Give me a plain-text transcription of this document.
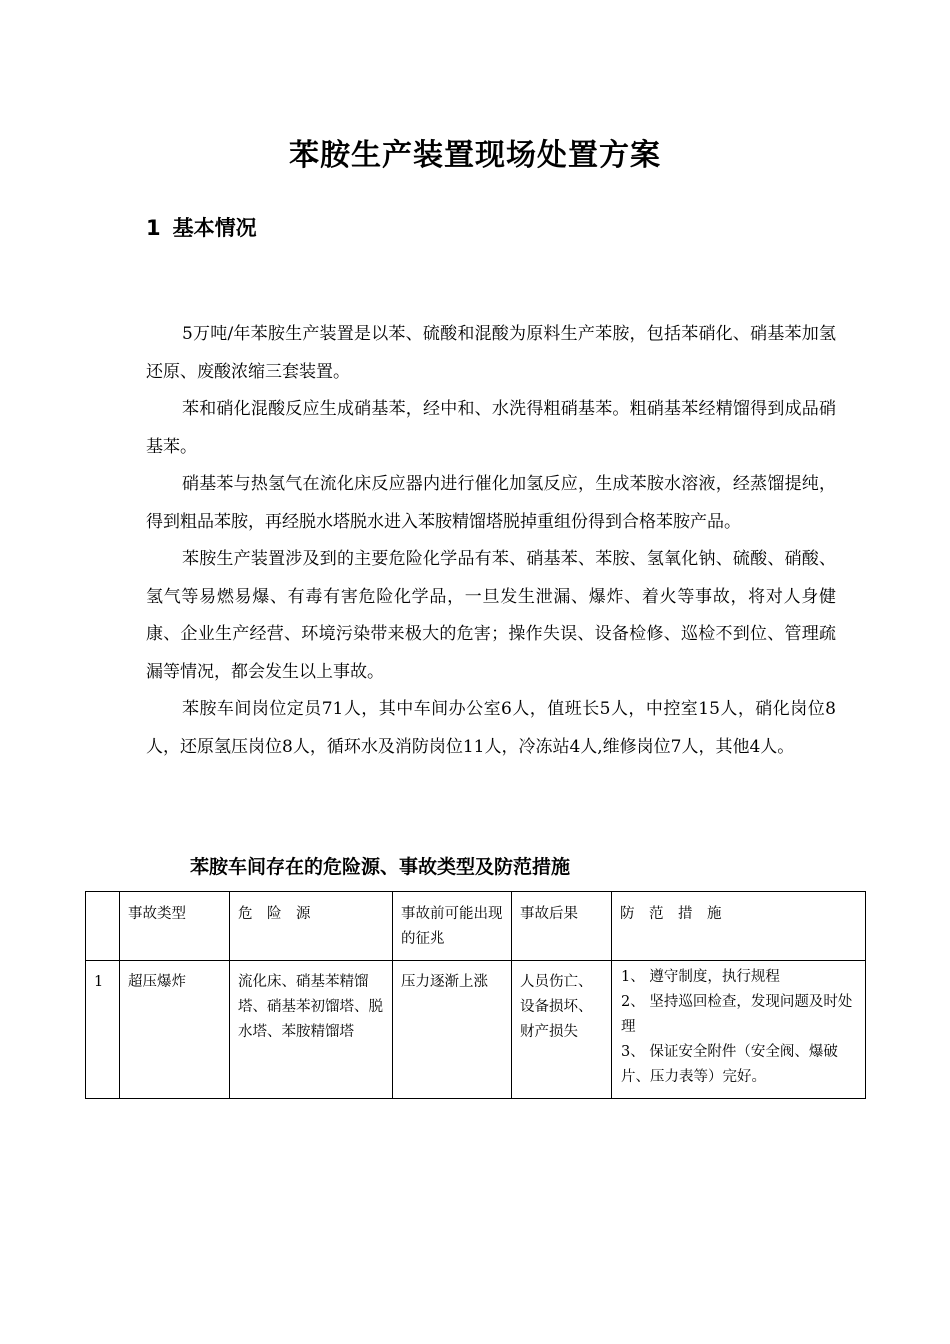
苯胺生产装置现场处置方案
1 基本情况

5万吨/年苯胺生产装置是以苯、硫酸和混酸为原料生产苯胺，包括苯硝化、硝基苯加氢还原、废酸浓缩三套装置。

苯和硝化混酸反应生成硝基苯，经中和、水洗得粗硝基苯。粗硝基苯经精馏得到成品硝基苯。

硝基苯与热氢气在流化床反应器内进行催化加氢反应，生成苯胺水溶液，经蒸馏提纯，得到粗品苯胺，再经脱水塔脱水进入苯胺精馏塔脱掉重组份得到合格苯胺产品。

苯胺生产装置涉及到的主要危险化学品有苯、硝基苯、苯胺、氢氧化钠、硫酸、硝酸、氢气等易燃易爆、有毒有害危险化学品，一旦发生泄漏、爆炸、着火等事故，将对人身健康、企业生产经营、环境污染带来极大的危害；操作失误、设备检修、巡检不到位、管理疏漏等情况，都会发生以上事故。

苯胺车间岗位定员71人，其中车间办公室6人，值班长5人，中控室15人，硝化岗位8人，还原氢压岗位8人，循环水及消防岗位11人，冷冻站4人,维修岗位7人，其他4人。

苯胺车间存在的危险源、事故类型及防范措施
	事故类型	危　险　源	事故前可能出现的征兆	事故后果	防　范　措　施
1	超压爆炸	流化床、硝基苯精馏塔、硝基苯初馏塔、脱水塔、苯胺精馏塔	压力逐渐上涨	人员伤亡、设备损坏、财产损失	1、 遵守制度，执行规程
2、 坚持巡回检查，发现问题及时处理
3、 保证安全附件（安全阀、爆破片、压力表等）完好。
